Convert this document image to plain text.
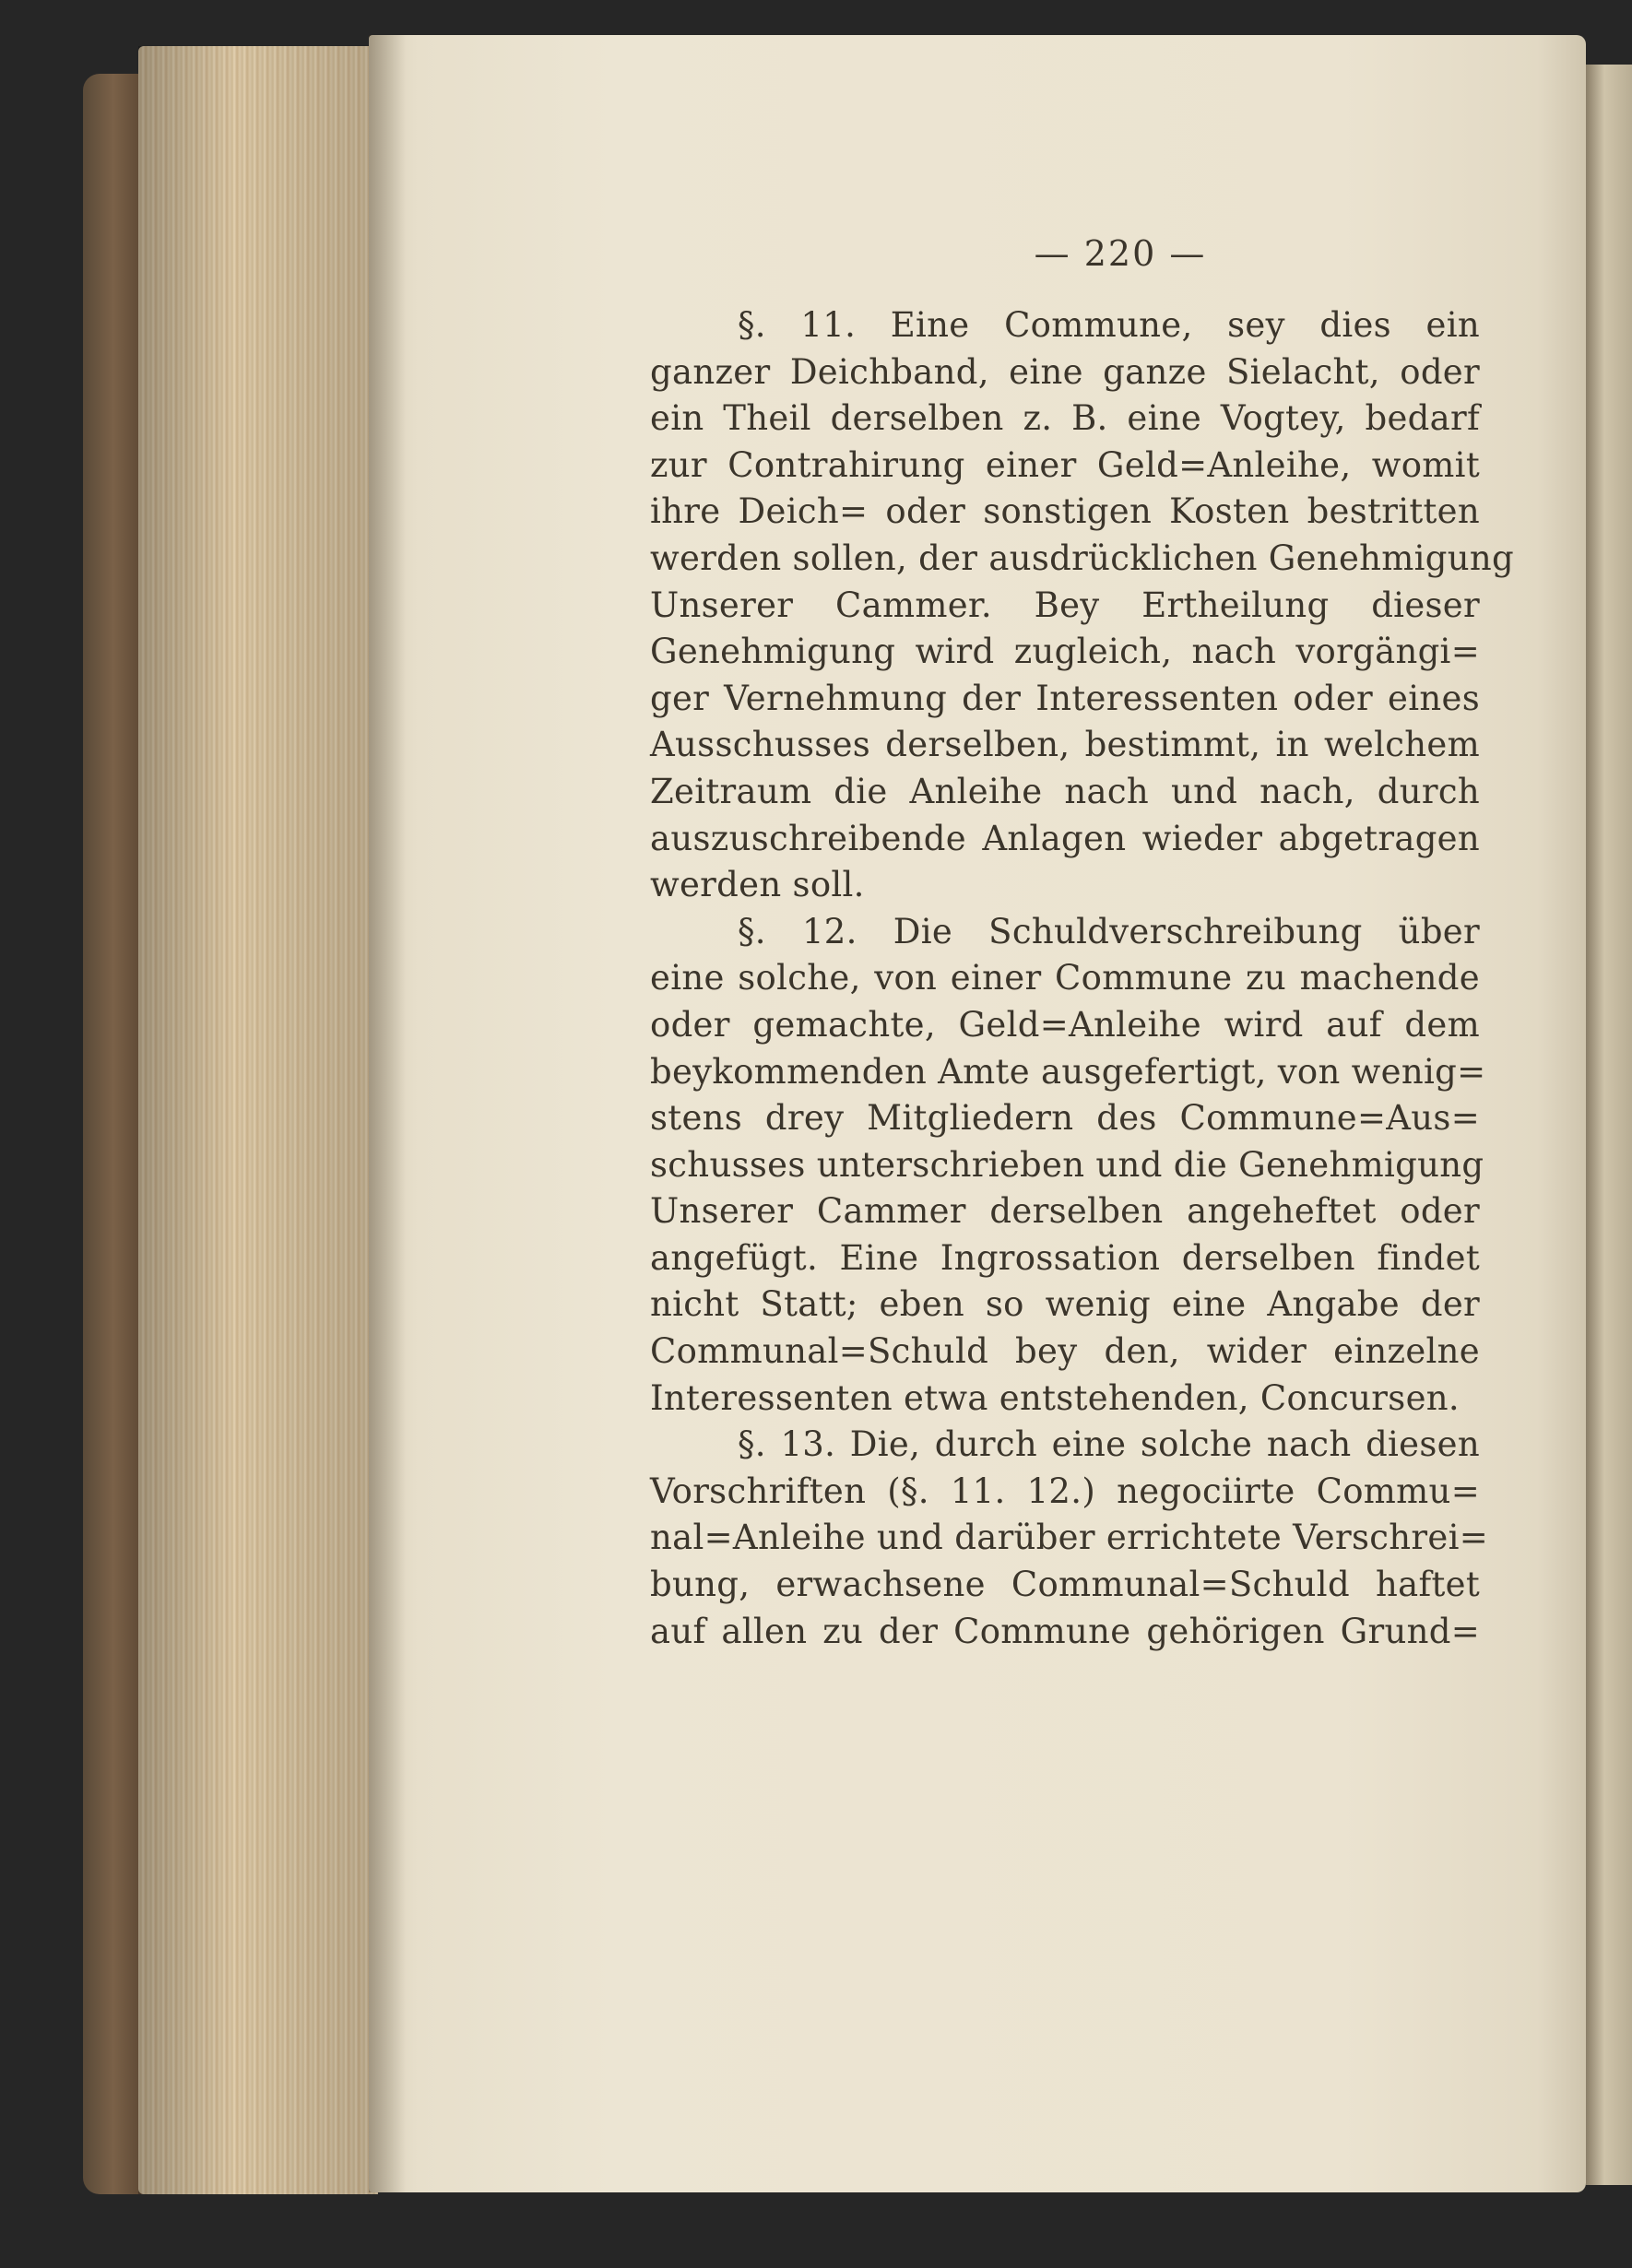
— 220 —
§. 11. Eine Commune, sey dies ein
ganzer Deichband, eine ganze Sielacht, oder
ein Theil derselben z. B. eine Vogtey, bedarf
zur Contrahirung einer Geld=Anleihe, womit
ihre Deich= oder sonstigen Kosten bestritten
werden sollen, der ausdrücklichen Genehmigung
Unserer Cammer. Bey Ertheilung dieser
Genehmigung wird zugleich, nach vorgängi=
ger Vernehmung der Interessenten oder eines
Ausschusses derselben, bestimmt, in welchem
Zeitraum die Anleihe nach und nach, durch
auszuschreibende Anlagen wieder abgetragen
werden soll.
§. 12. Die Schuldverschreibung über
eine solche, von einer Commune zu machende
oder gemachte, Geld=Anleihe wird auf dem
beykommenden Amte ausgefertigt, von wenig=
stens drey Mitgliedern des Commune=Aus=
schusses unterschrieben und die Genehmigung
Unserer Cammer derselben angeheftet oder
angefügt. Eine Ingrossation derselben findet
nicht Statt; eben so wenig eine Angabe der
Communal=Schuld bey den, wider einzelne
Interessenten etwa entstehenden, Concursen.
§. 13. Die, durch eine solche nach diesen
Vorschriften (§. 11. 12.) negociirte Commu=
nal=Anleihe und darüber errichtete Verschrei=
bung, erwachsene Communal=Schuld haftet
auf allen zu der Commune gehörigen Grund=
